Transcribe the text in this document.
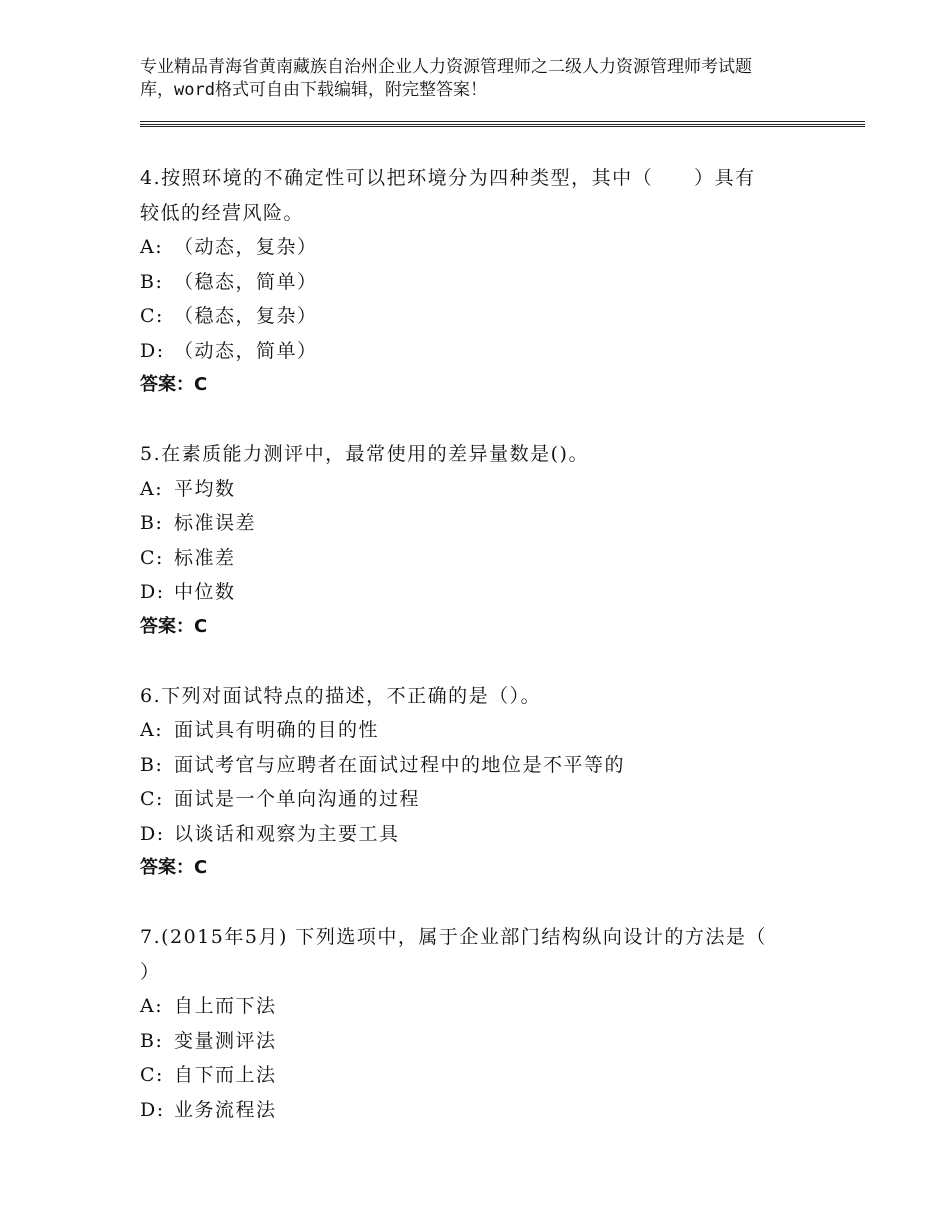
专业精品青海省黄南藏族自治州企业人力资源管理师之二级人力资源管理师考试题
库，word格式可自由下载编辑，附完整答案！
4.按照环境的不确定性可以把环境分为四种类型，其中（　　）具有
较低的经营风险。
A: （动态，复杂）
B: （稳态，简单）
C: （稳态，复杂）
D: （动态，简单）
答案：C
5.在素质能力测评中，最常使用的差异量数是()。
A: 平均数
B: 标准误差
C: 标准差
D: 中位数
答案：C
6.下列对面试特点的描述，不正确的是（）。
A: 面试具有明确的目的性
B: 面试考官与应聘者在面试过程中的地位是不平等的
C: 面试是一个单向沟通的过程
D: 以谈话和观察为主要工具
答案：C
7.(2015年5月) 下列选项中，属于企业部门结构纵向设计的方法是（
）
A: 自上而下法
B: 变量测评法
C: 自下而上法
D: 业务流程法
